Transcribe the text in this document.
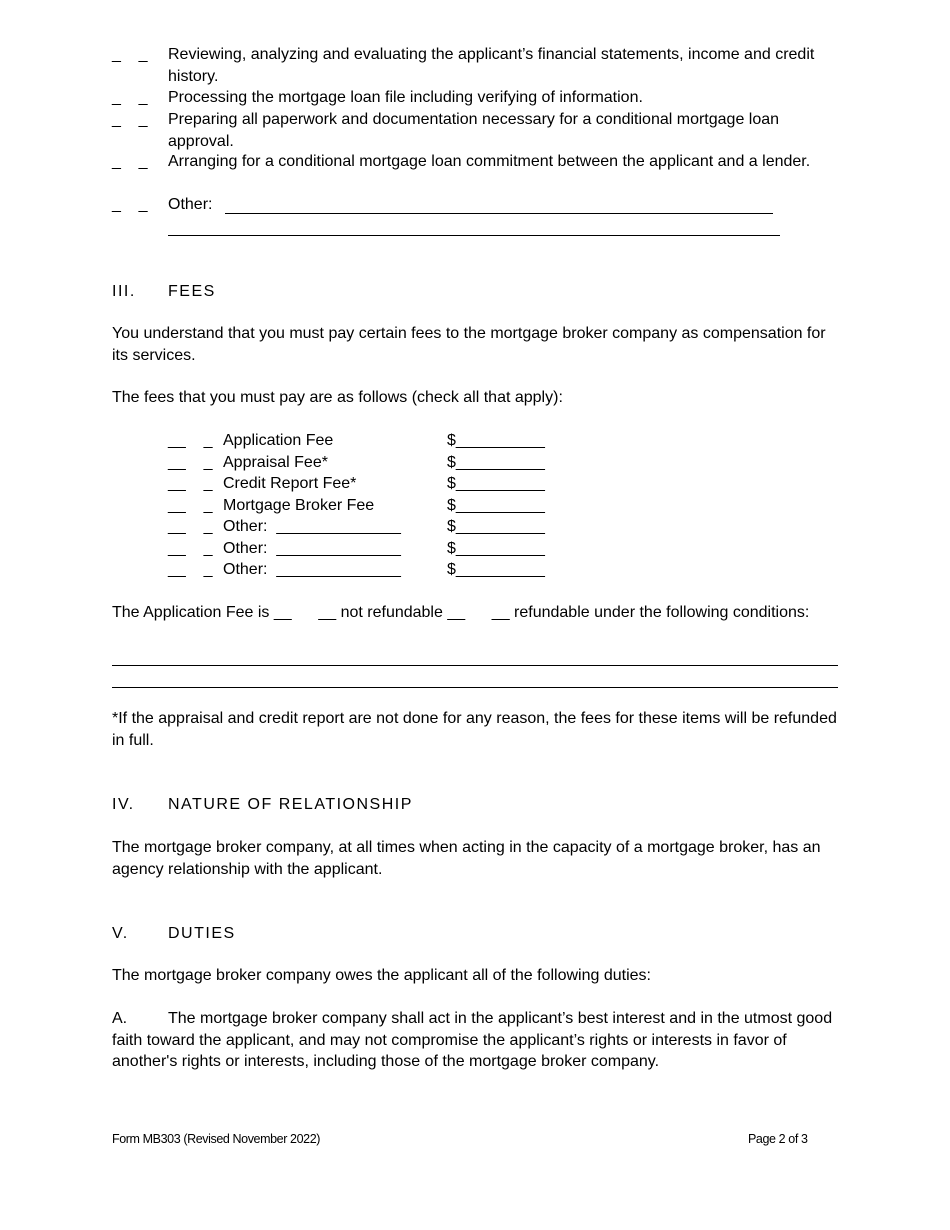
_    _	Reviewing, analyzing and evaluating the applicant’s financial statements, income and credit history.
_    _	Processing the mortgage loan file including verifying of information.
_    _	Preparing all paperwork and documentation necessary for a conditional mortgage loan approval.
_    _	Arranging for a conditional mortgage loan commitment between the applicant and a lender.
_    _	Other:
III. FEES
You understand that you must pay certain fees to the mortgage broker company as compensation for its services.
The fees that you must pay are as follows (check all that apply):
__    _ Application Fee	$__________
__    _ Appraisal Fee*	$__________
__    _ Credit Report Fee*	$__________
__    _ Mortgage Broker Fee	$__________
__    _ Other:  ______________	$__________
__    _ Other:  ______________	$__________
__    _ Other:  ______________	$__________
The Application Fee is __      __ not refundable __      __ refundable under the following conditions:
*If the appraisal and credit report are not done for any reason, the fees for these items will be refunded in full.
IV. NATURE OF RELATIONSHIP
The mortgage broker company, at all times when acting in the capacity of a mortgage broker, has an agency relationship with the applicant.
V. DUTIES
The mortgage broker company owes the applicant all of the following duties:
A.	The mortgage broker company shall act in the applicant’s best interest and in the utmost good faith toward the applicant, and may not compromise the applicant’s rights or interests in favor of another's rights or interests, including those of the mortgage broker company.
Form MB303 (Revised November 2022)	Page 2 of 3
